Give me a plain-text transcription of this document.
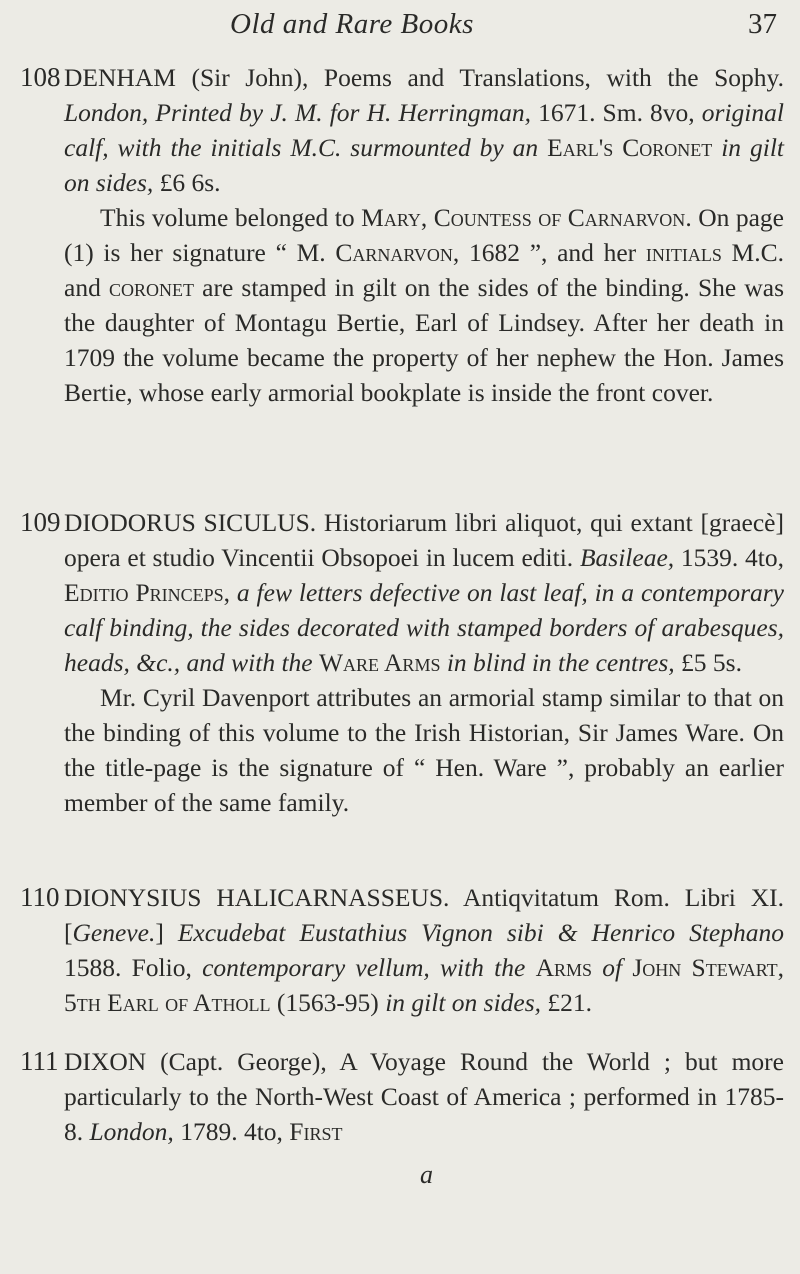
Old and Rare Books	37
108 DENHAM (Sir John), Poems and Translations, with the Sophy. London, Printed by J. M. for H. Herringman, 1671. Sm. 8vo, original calf, with the initials M.C. surmounted by an Earl's Coronet in gilt on sides, £6 6s.

This volume belonged to Mary, Countess of Carnarvon. On page (1) is her signature “ M. Carnarvon, 1682 ”, and her initials M.C. and coronet are stamped in gilt on the sides of the binding. She was the daughter of Montagu Bertie, Earl of Lindsey. After her death in 1709 the volume became the property of her nephew the Hon. James Bertie, whose early armorial bookplate is inside the front cover.

109 DIODORUS SICULUS. Historiarum libri aliquot, qui extant [graecè] opera et studio Vincentii Obsopoei in lucem editi. Basileae, 1539. 4to, Editio Princeps, a few letters defective on last leaf, in a contemporary calf binding, the sides decorated with stamped borders of arabesques, heads, &c., and with the Ware Arms in blind in the centres, £5 5s.

Mr. Cyril Davenport attributes an armorial stamp similar to that on the binding of this volume to the Irish Historian, Sir James Ware. On the title-page is the signature of “ Hen. Ware ”, probably an earlier member of the same family.

110 DIONYSIUS HALICARNASSEUS. Antiqvitatum Rom. Libri XI. [Geneve.] Excudebat Eustathius Vignon sibi & Henrico Stephano 1588. Folio, contemporary vellum, with the Arms of John Stewart, 5th Earl of Atholl (1563-95) in gilt on sides, £21.

111 DIXON (Capt. George), A Voyage Round the World ; but more particularly to the North-West Coast of America ; performed in 1785-8. London, 1789. 4to, First

a
